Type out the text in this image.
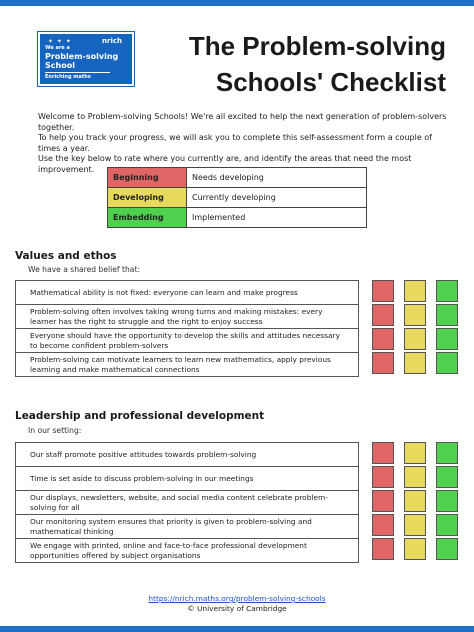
✦ ✦ ✦	nrich
We are a
Problem-solving
School
Enriching maths
The Problem-solving
Schools' Checklist

Welcome to Problem-solving Schools! We're all excited to help the next generation of problem-solvers together.

To help you track your progress, we will ask you to complete this self-assessment form a couple of times a year.

Use the key below to rate where you currently are, and identify the areas that need the most improvement.

Beginning	Needs developing
Developing	Currently developing
Embedding	Implemented
Values and ethos
We have a shared belief that:
Mathematical ability is not fixed: everyone can learn and make progress
Problem-solving often involves taking wrong turns and making mistakes: every learner has the right to struggle and the right to enjoy success
Everyone should have the opportunity to develop the skills and attitudes necessary to become confident problem-solvers
Problem-solving can motivate learners to learn new mathematics, apply previous learning and make mathematical connections
Leadership and professional development
In our setting:
Our staff promote positive attitudes towards problem-solving
Time is set aside to discuss problem-solving in our meetings
Our displays, newsletters, website, and social media content celebrate problem-solving for all
Our monitoring system ensures that priority is given to problem-solving and mathematical thinking
We engage with printed, online and face-to-face professional development opportunities offered by subject organisations
https://nrich.maths.org/problem-solving-schools
© University of Cambridge
